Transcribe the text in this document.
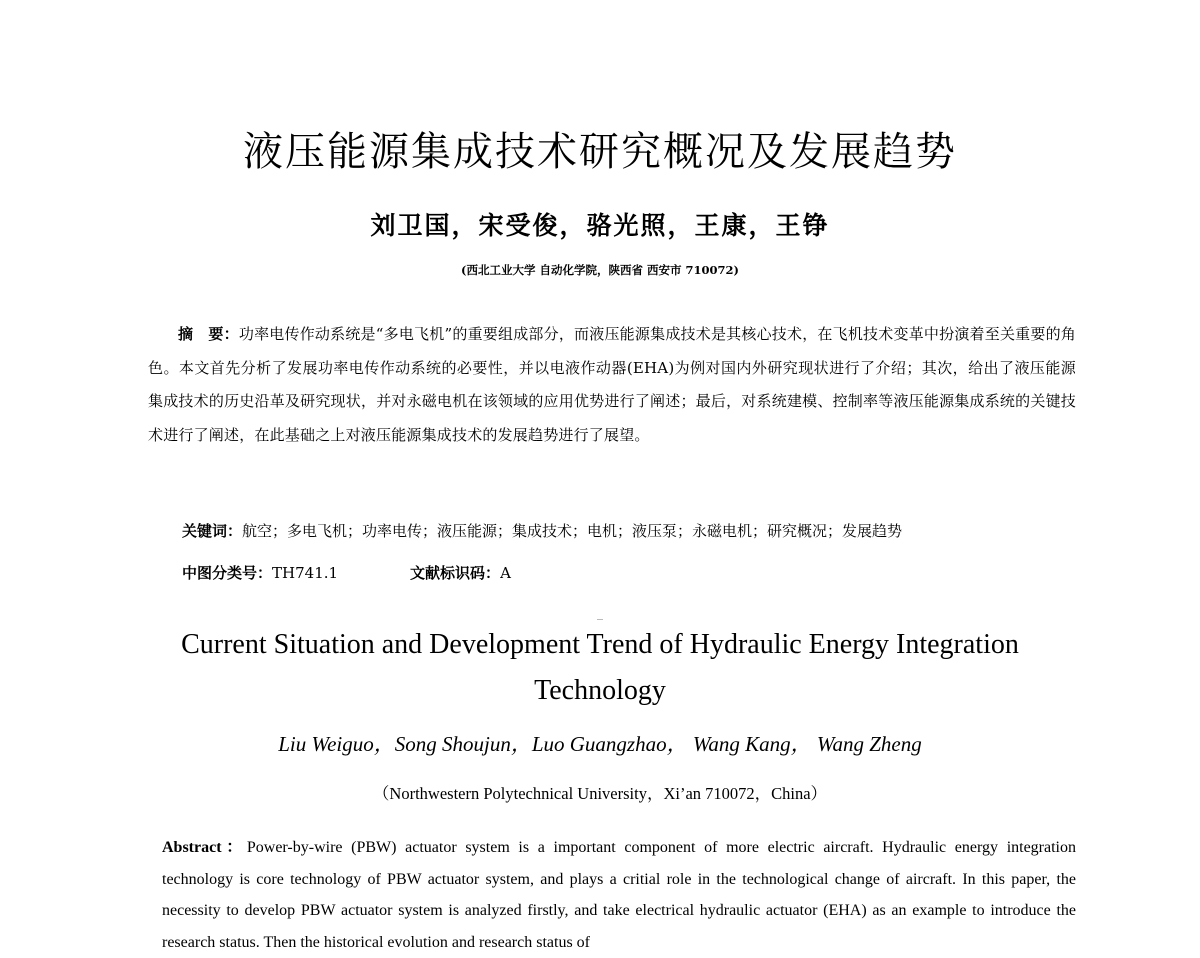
液压能源集成技术研究概况及发展趋势
刘卫国，宋受俊，骆光照，王康，王铮
(西北工业大学 自动化学院，陕西省 西安市 710072)
摘　要：功率电传作动系统是“多电飞机”的重要组成部分，而液压能源集成技术是其核心技术，在飞机技术变革中扮演着至关重要的角色。本文首先分析了发展功率电传作动系统的必要性，并以电液作动器(EHA)为例对国内外研究现状进行了介绍；其次，给出了液压能源集成技术的历史沿革及研究现状，并对永磁电机在该领域的应用优势进行了阐述；最后，对系统建模、控制率等液压能源集成系统的关键技术进行了阐述，在此基础之上对液压能源集成技术的发展趋势进行了展望。
关键词：航空；多电飞机；功率电传；液压能源；集成技术；电机；液压泵；永磁电机；研究概况；发展趋势
中图分类号：TH741.1	文献标识码：A
Current Situation and Development Trend of Hydraulic Energy Integration
Technology
Liu Weiguo，Song Shoujun，Luo Guangzhao， Wang Kang， Wang Zheng
（Northwestern Polytechnical University，Xi’an 710072，China）
Abstract：Power-by-wire (PBW) actuator system is a important component of more electric aircraft. Hydraulic energy integration technology is core technology of PBW actuator system, and plays a critial role in the technological change of aircraft. In this paper, the necessity to develop PBW actuator system is analyzed firstly, and take electrical hydraulic actuator (EHA) as an example to introduce the research status. Then the historical evolution and research status of
